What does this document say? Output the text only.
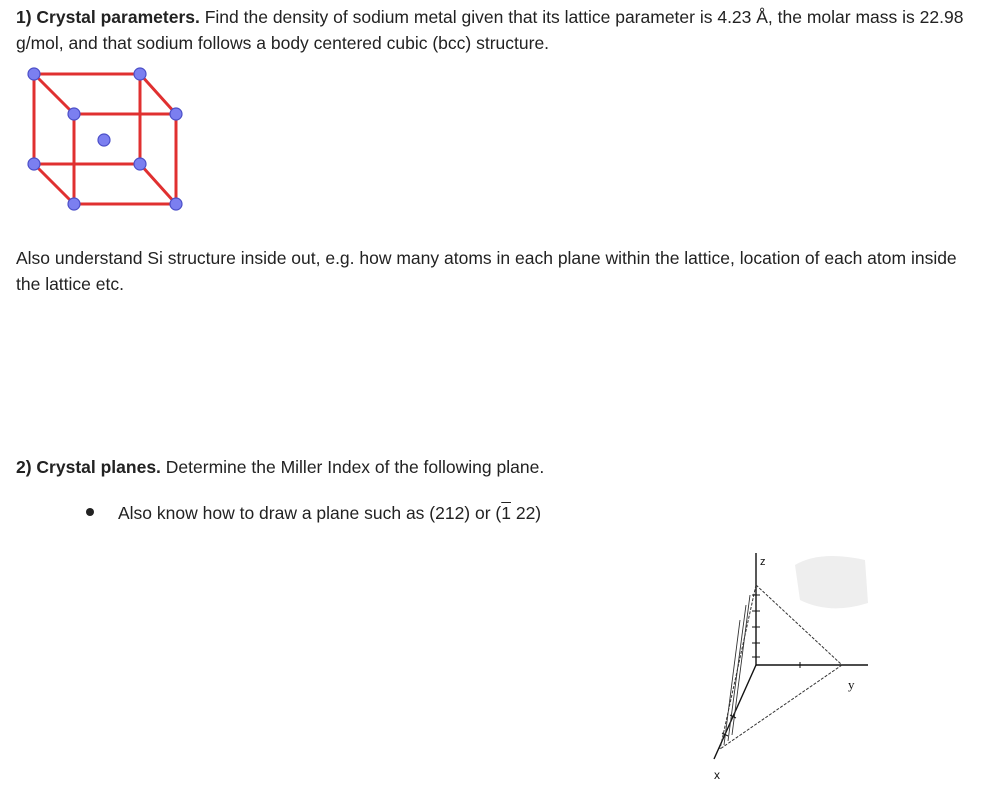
1) Crystal parameters. Find the density of sodium metal given that its lattice parameter is 4.23 Å, the molar mass is 22.98 g/mol, and that sodium follows a body centered cubic (bcc) structure.
Also understand Si structure inside out, e.g. how many atoms in each plane within the lattice, location of each atom inside the lattice etc.
2) Crystal planes. Determine the Miller Index of the following plane.
Also know how to draw a plane such as (212) or (1 22)
z
y
x
